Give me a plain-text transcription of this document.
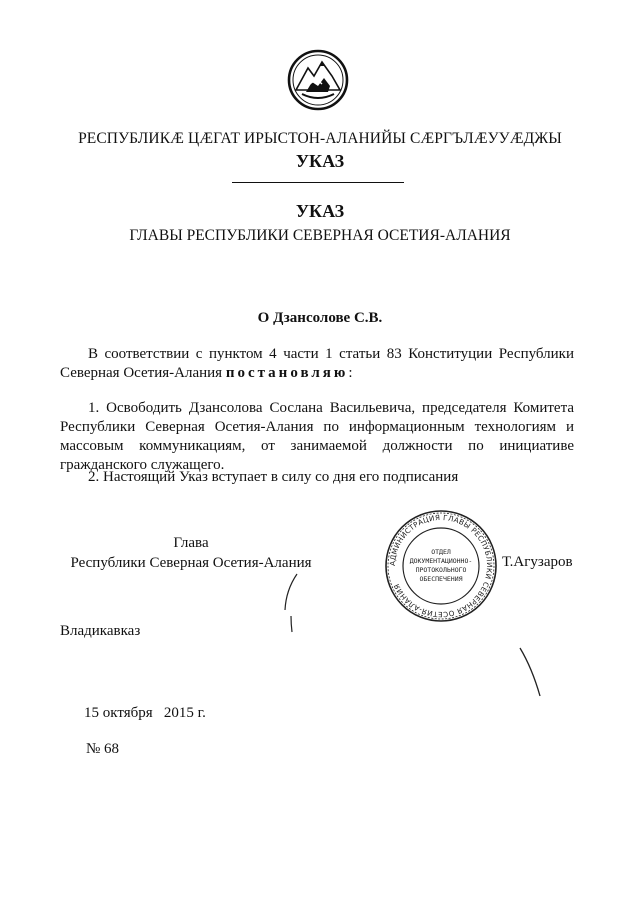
РЕСПУБЛИКӔ ЦӔГАТ ИРЫСТОН-АЛАНИЙЫ СӔРГЪЛӔУУӔДЖЫ
УКАЗ
УКАЗ
ГЛАВЫ РЕСПУБЛИКИ СЕВЕРНАЯ ОСЕТИЯ-АЛАНИЯ
О Дзансолове С.В.
В соответствии с пунктом 4 части 1 статьи 83 Конституции Республики Северная Осетия-Алания постановляю:
1. Освободить Дзансолова Сослана Васильевича, председателя Комитета Республики Северная Осетия-Алания по информационным технологиям и массовым коммуникациям, от занимаемой должности по инициативе гражданского служащего.
2. Настоящий Указ вступает в силу со дня его подписания
Глава
Республики Северная Осетия-Алания	АДМИНИСТРАЦИЯ ГЛАВЫ РЕСПУБЛИКИ СЕВЕРНАЯ ОСЕТИЯ-АЛАНИЯ
ОТДЕЛ
ДОКУМЕНТАЦИОННО-
ПРОТОКОЛЬНОГО
ОБЕСПЕЧЕНИЯ
Т.Агузаров
Владикавказ
15 октября   2015 г.
№ 68
